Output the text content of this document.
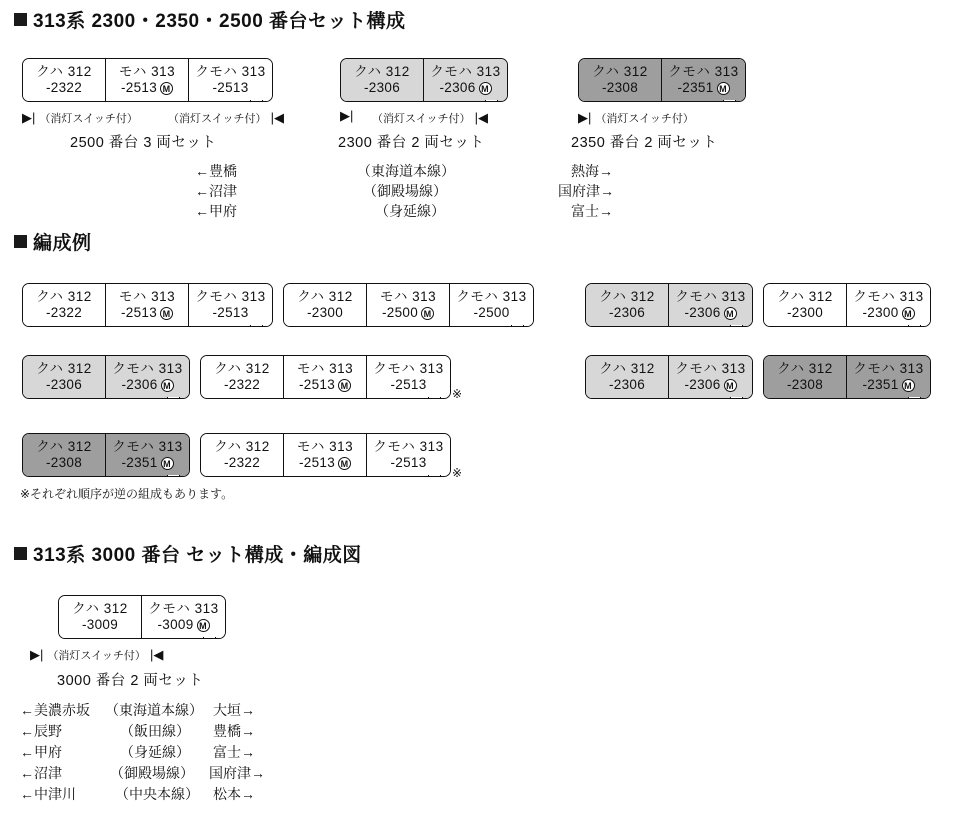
313系 2300・2350・2500 番台セット構成
クハ 312
-2322
モハ 313
-2513 M
クモハ 313
-2513
▶| （消灯スイッチ付）	（消灯スイッチ付） |◀
2500 番台 3 両セット
←豊橋
←沼津
←甲府
クハ 312
-2306
クモハ 313
-2306 M
▶| （消灯スイッチ付） |◀
2300 番台 2 両セット
（東海道本線）
（御殿場線）
（身延線）
クハ 312
-2308
クモハ 313
-2351 M
▶| （消灯スイッチ付）
2350 番台 2 両セット
熱海→
国府津→
富士→
編成例
クハ 312
-2322
モハ 313
-2513 M
クモハ 313
-2513
クハ 312
-2300
モハ 313
-2500 M
クモハ 313
-2500
クハ 312
-2306
クモハ 313
-2306 M
クハ 312
-2300
クモハ 313
-2300 M
クハ 312
-2306
クモハ 313
-2306 M
クハ 312
-2322
モハ 313
-2513 M
クモハ 313
-2513
※
クハ 312
-2306
クモハ 313
-2306 M
クハ 312
-2308
クモハ 313
-2351 M
クハ 312
-2308
クモハ 313
-2351 M
クハ 312
-2322
モハ 313
-2513 M
クモハ 313
-2513
※
※それぞれ順序が逆の組成もあります。
313系 3000 番台 セット構成・編成図
クハ 312
-3009
クモハ 313
-3009 M
▶| （消灯スイッチ付） |◀
3000 番台 2 両セット
←美濃赤坂 （東海道本線） 大垣→
←辰野	（飯田線） 豊橋→
←甲府	（身延線） 富士→
←沼津	（御殿場線） 国府津→
←中津川	（中央本線） 松本→
